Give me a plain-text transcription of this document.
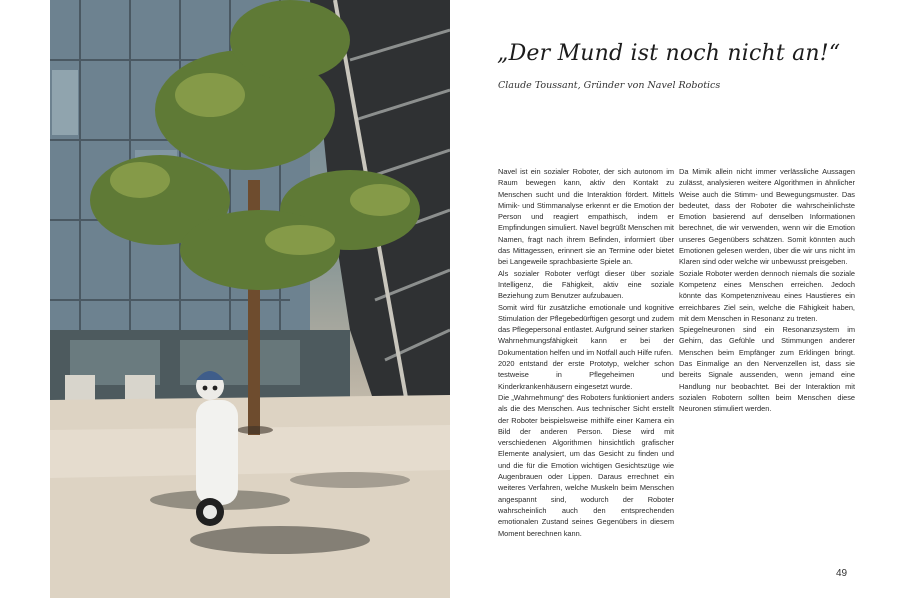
„Der Mund ist noch nicht an!“
Claude Toussant, Gründer von Navel Robotics

Navel ist ein sozialer Roboter, der sich autonom im Raum bewegen kann, aktiv den Kontakt zu Menschen sucht und die Interaktion fördert. Mittels Mimik- und Stimmanalyse erkennt er die Emotion der Person und reagiert empathisch, indem er Empfindungen simuliert. Navel begrüßt Menschen mit Namen, fragt nach ihrem Befinden, informiert über das Mittagessen, erinnert sie an Termine oder bietet bei Langeweile sprachbasierte Spiele an.

Als sozialer Roboter verfügt dieser über soziale Intelligenz, die Fähigkeit, aktiv eine soziale Beziehung zum Benutzer aufzubauen.

Somit wird für zusätzliche emotionale und kognitive Stimulation der Pflegebedürftigen gesorgt und zudem das Pflegepersonal entlastet. Aufgrund seiner starken Wahrnehmungsfähigkeit kann er bei der Dokumentation helfen und im Notfall auch Hilfe rufen.

2020 entstand der erste Prototyp, welcher schon testweise in Pflegeheimen und Kinderkrankenhäusern eingesetzt wurde.

Die „Wahrnehmung“ des Roboters funktioniert anders als die des Menschen. Aus technischer Sicht erstellt der Roboter beispielsweise mithilfe einer Kamera ein Bild der anderen Person. Diese wird mit verschiedenen Algorithmen hinsichtlich grafischer Elemente analysiert, um das Gesicht zu finden und und die für die Emotion wichtigen Gesichtszüge wie Augenbrauen oder Lippen. Daraus errechnet ein weiteres Verfahren, welche Muskeln beim Menschen angespannt sind, wodurch der Roboter wahrscheinlich auch den entsprechenden emotionalen Zustand seines Gegenübers in diesem Moment berechnen kann.

Da Mimik allein nicht immer verlässliche Aussagen zulässt, analysieren weitere Algorithmen in ähnlicher Weise auch die Stimm- und Bewegungsmuster. Das bedeutet, dass der Roboter die wahrscheinlichste Emotion basierend auf denselben Informationen berechnet, die wir verwenden, wenn wir die Emotion unseres Gegenübers schätzen. Somit könnten auch Emotionen gelesen werden, über die wir uns nicht im Klaren sind oder welche wir unbewusst preisgeben.

Soziale Roboter werden dennoch niemals die soziale Kompetenz eines Menschen erreichen. Jedoch könnte das Kompetenzniveau eines Haustieres ein erreichbares Ziel sein, welche die Fähigkeit haben, mit dem Menschen in Resonanz zu treten.

Spiegelneuronen sind ein Resonanzsystem im Gehirn, das Gefühle und Stimmungen anderer Menschen beim Empfänger zum Erklingen bringt. Das Einmalige an den Nervenzellen ist, dass sie bereits Signale aussenden, wenn jemand eine Handlung nur beobachtet. Bei der Interaktion mit sozialen Robotern sollten beim Menschen diese Neuronen stimuliert werden.

49
